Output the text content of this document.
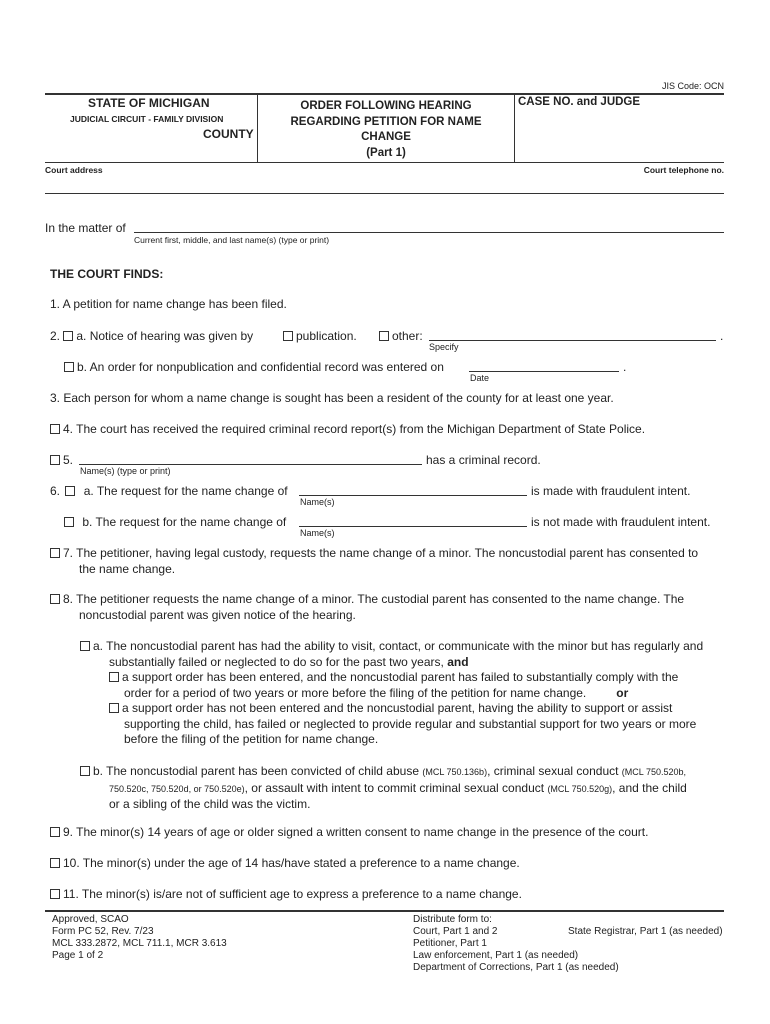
JIS Code: OCN
STATE OF MICHIGAN
JUDICIAL CIRCUIT - FAMILY DIVISION
COUNTY
ORDER FOLLOWING HEARING
REGARDING PETITION FOR NAME
CHANGE
(Part 1)
CASE NO. and JUDGE
Court address	Court telephone no.
In the matter of
Current first, middle, and last name(s) (type or print)
THE COURT FINDS:
1. A petition for name change has been filed.
2. a. Notice of hearing was given by	publication.	other:	.
Specify
b. An order for nonpublication and confidential record was entered on	.
Date
3. Each person for whom a name change is sought has been a resident of the county for at least one year.
4. The court has received the required criminal record report(s) from the Michigan Department of State Police.
5.	has a criminal record.
Name(s) (type or print)
6. a. The request for the name change of	is made with fraudulent intent.
Name(s)
b. The request for the name change of	is not made with fraudulent intent.
Name(s)
7. The petitioner, having legal custody, requests the name change of a minor. The noncustodial parent has consented to
the name change.
8. The petitioner requests the name change of a minor. The custodial parent has consented to the name change. The
noncustodial parent was given notice of the hearing.
a. The noncustodial parent has had the ability to visit, contact, or communicate with the minor but has regularly and
substantially failed or neglected to do so for the past two years, and
a support order has been entered, and the noncustodial parent has failed to substantially comply with the
order for a period of two years or more before the filing of the petition for name change.	or
a support order has not been entered and the noncustodial parent, having the ability to support or assist
supporting the child, has failed or neglected to provide regular and substantial support for two years or more
before the filing of the petition for name change.
b. The noncustodial parent has been convicted of child abuse (MCL 750.136b), criminal sexual conduct (MCL 750.520b,
750.520c, 750.520d, or 750.520e), or assault with intent to commit criminal sexual conduct (MCL 750.520g), and the child
or a sibling of the child was the victim.
9. The minor(s) 14 years of age or older signed a written consent to name change in the presence of the court.
10. The minor(s) under the age of 14 has/have stated a preference to a name change.
11. The minor(s) is/are not of sufficient age to express a preference to a name change.
Approved, SCAO
Form PC 52, Rev. 7/23
MCL 333.2872, MCL 711.1, MCR 3.613
Page 1 of 2
Distribute form to:
Court, Part 1 and 2
Petitioner, Part 1
Law enforcement, Part 1 (as needed)
Department of Corrections, Part 1 (as needed)
State Registrar, Part 1 (as needed)
